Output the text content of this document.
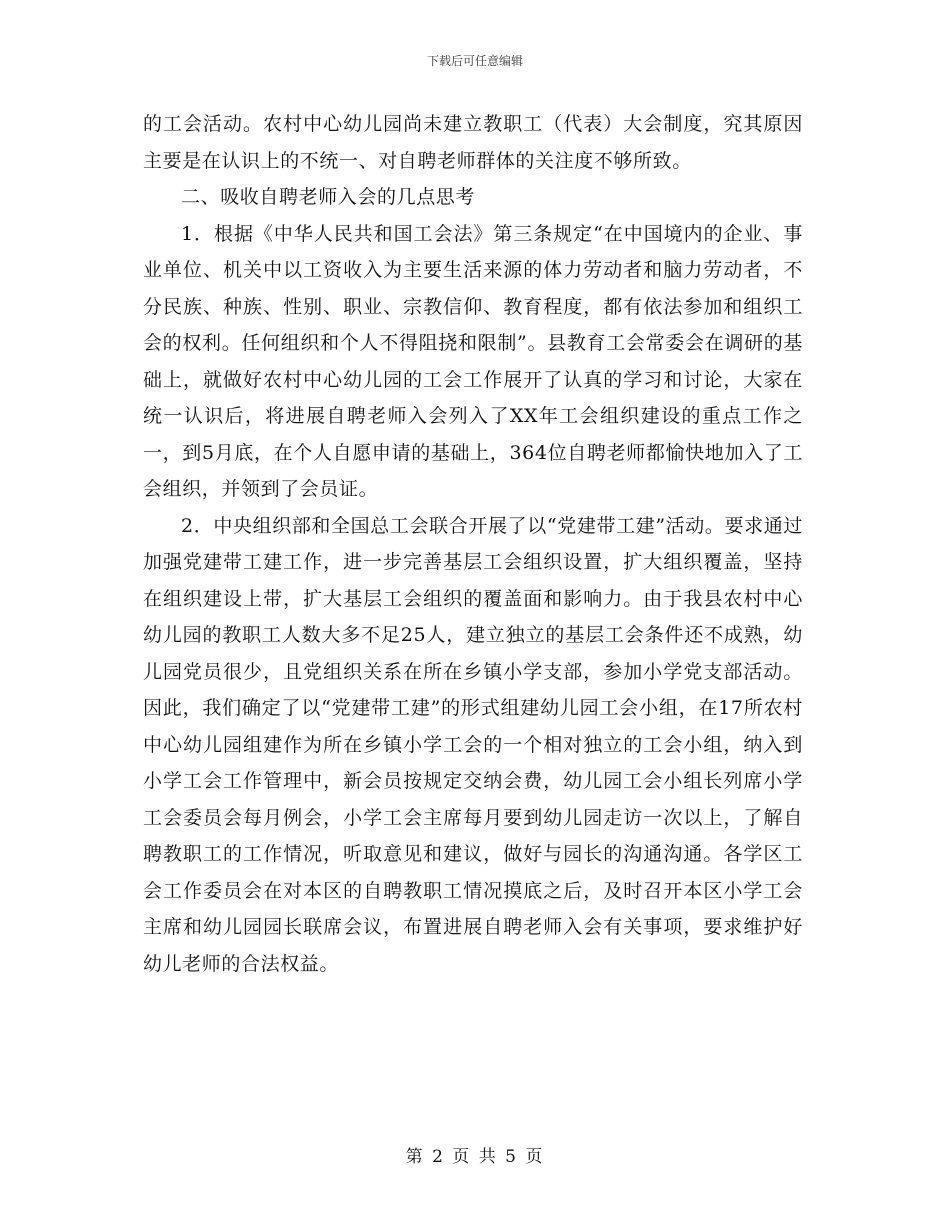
下载后可任意编辑

的工会活动。农村中心幼儿园尚未建立教职工（代表）大会制度，究其原因主要是在认识上的不统一、对自聘老师群体的关注度不够所致。

二、吸收自聘老师入会的几点思考

1．根据《中华人民共和国工会法》第三条规定“在中国境内的企业、事业单位、机关中以工资收入为主要生活来源的体力劳动者和脑力劳动者，不分民族、种族、性别、职业、宗教信仰、教育程度，都有依法参加和组织工会的权利。任何组织和个人不得阻挠和限制”。县教育工会常委会在调研的基础上，就做好农村中心幼儿园的工会工作展开了认真的学习和讨论，大家在统一认识后，将进展自聘老师入会列入了XX年工会组织建设的重点工作之一，到5月底，在个人自愿申请的基础上，364位自聘老师都愉快地加入了工会组织，并领到了会员证。

2．中央组织部和全国总工会联合开展了以“党建带工建”活动。要求通过加强党建带工建工作，进一步完善基层工会组织设置，扩大组织覆盖，坚持在组织建设上带，扩大基层工会组织的覆盖面和影响力。由于我县农村中心幼儿园的教职工人数大多不足25人，建立独立的基层工会条件还不成熟，幼儿园党员很少，且党组织关系在所在乡镇小学支部，参加小学党支部活动。因此，我们确定了以“党建带工建”的形式组建幼儿园工会小组，在17所农村中心幼儿园组建作为所在乡镇小学工会的一个相对独立的工会小组，纳入到小学工会工作管理中，新会员按规定交纳会费，幼儿园工会小组长列席小学工会委员会每月例会，小学工会主席每月要到幼儿园走访一次以上，了解自聘教职工的工作情况，听取意见和建议，做好与园长的沟通沟通。各学区工会工作委员会在对本区的自聘教职工情况摸底之后，及时召开本区小学工会主席和幼儿园园长联席会议，布置进展自聘老师入会有关事项，要求维护好幼儿老师的合法权益。

第 2 页 共 5 页
